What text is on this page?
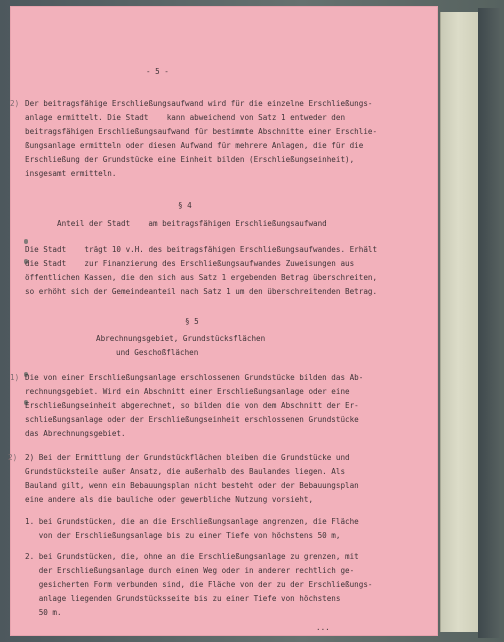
- 5 -
2) Der beitragsfähige Erschließungsaufwand wird für die einzelne Erschließungs-
anlage ermittelt. Die Stadt    kann abweichend von Satz 1 entweder den
beitragsfähigen Erschließungsaufwand für bestimmte Abschnitte einer Erschlie-
ßungsanlage ermitteln oder diesen Aufwand für mehrere Anlagen, die für die
Erschließung der Grundstücke eine Einheit bilden (Erschließungseinheit),
insgesamt ermitteln.
§ 4
Anteil der Stadt    am beitragsfähigen Erschließungsaufwand
Die Stadt    trägt 10 v.H. des beitragsfähigen Erschließungsaufwandes. Erhält
die Stadt    zur Finanzierung des Erschließungsaufwandes Zuweisungen aus
öffentlichen Kassen, die den sich aus Satz 1 ergebenden Betrag überschreiten,
so erhöht sich der Gemeindeanteil nach Satz 1 um den überschreitenden Betrag.
§ 5
Abrechnungsgebiet, Grundstücksflächen
und Geschoßflächen
1) Die von einer Erschließungsanlage erschlossenen Grundstücke bilden das Ab-
rechnungsgebiet. Wird ein Abschnitt einer Erschließungsanlage oder eine
Erschließungseinheit abgerechnet, so bilden die von dem Abschnitt der Er-
schließungsanlage oder der Erschließungseinheit erschlossenen Grundstücke
das Abrechnungsgebiet.
2) 2) Bei der Ermittlung der Grundstückflächen bleiben die Grundstücke und
Grundstücksteile außer Ansatz, die außerhalb des Baulandes liegen. Als
Bauland gilt, wenn ein Bebauungsplan nicht besteht oder der Bebauungsplan
eine andere als die bauliche oder gewerbliche Nutzung vorsieht,
1. bei Grundstücken, die an die Erschließungsanlage angrenzen, die Fläche
von der Erschließungsanlage bis zu einer Tiefe von höchstens 50 m,
2. bei Grundstücken, die, ohne an die Erschließungsanlage zu grenzen, mit
der Erschließungsanlage durch einen Weg oder in anderer rechtlich ge-
gesicherten Form verbunden sind, die Fläche von der zu der Erschließungs-
anlage liegenden Grundstücksseite bis zu einer Tiefe von höchstens
50 m.
...
